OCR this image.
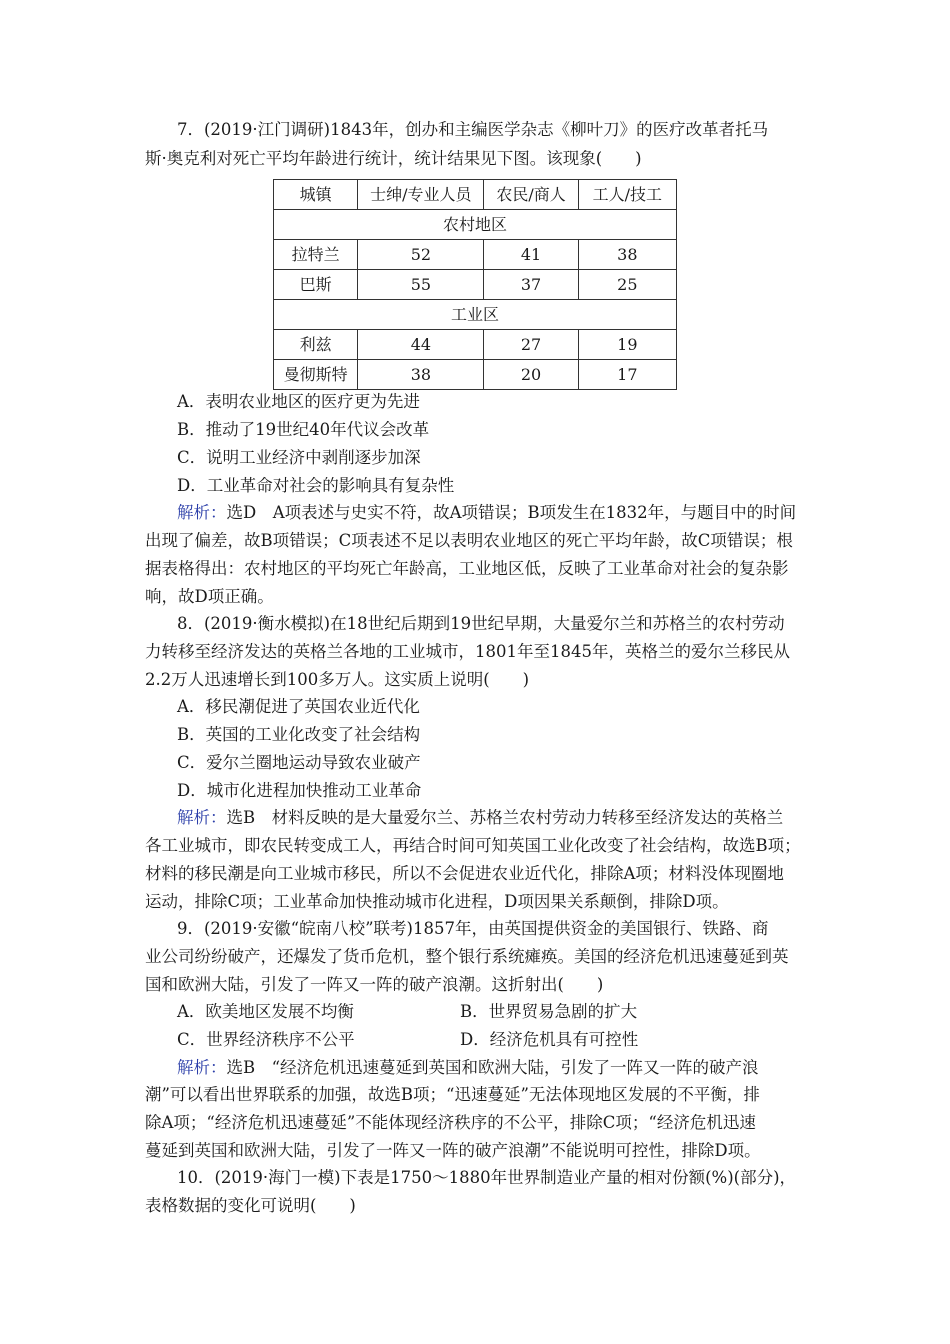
7．(2019·江门调研)1843年，创办和主编医学杂志《柳叶刀》的医疗改革者托马
斯·奥克利对死亡平均年龄进行统计，统计结果见下图。该现象(　　)
城镇	士绅/专业人员	农民/商人	工人/技工
农村地区			
拉特兰	52	41	38
巴斯	55	37	25
工业区			
利兹	44	27	19
曼彻斯特	38	20	17
A．表明农业地区的医疗更为先进
B．推动了19世纪40年代议会改革
C．说明工业经济中剥削逐步加深
D．工业革命对社会的影响具有复杂性
解析：选D　A项表述与史实不符，故A项错误；B项发生在1832年，与题目中的时间
出现了偏差，故B项错误；C项表述不足以表明农业地区的死亡平均年龄，故C项错误；根
据表格得出：农村地区的平均死亡年龄高，工业地区低，反映了工业革命对社会的复杂影
响，故D项正确。
8．(2019·衡水模拟)在18世纪后期到19世纪早期，大量爱尔兰和苏格兰的农村劳动
力转移至经济发达的英格兰各地的工业城市，1801年至1845年，英格兰的爱尔兰移民从
2.2万人迅速增长到100多万人。这实质上说明(　　)
A．移民潮促进了英国农业近代化
B．英国的工业化改变了社会结构
C．爱尔兰圈地运动导致农业破产
D．城市化进程加快推动工业革命
解析：选B　材料反映的是大量爱尔兰、苏格兰农村劳动力转移至经济发达的英格兰
各工业城市，即农民转变成工人，再结合时间可知英国工业化改变了社会结构，故选B项；
材料的移民潮是向工业城市移民，所以不会促进农业近代化，排除A项；材料没体现圈地
运动，排除C项；工业革命加快推动城市化进程，D项因果关系颠倒，排除D项。
9．(2019·安徽“皖南八校”联考)1857年，由英国提供资金的美国银行、铁路、商
业公司纷纷破产，还爆发了货币危机，整个银行系统瘫痪。美国的经济危机迅速蔓延到英
国和欧洲大陆，引发了一阵又一阵的破产浪潮。这折射出(　　)
A．欧美地区发展不均衡	B．世界贸易急剧的扩大
C．世界经济秩序不公平	D．经济危机具有可控性
解析：选B　“经济危机迅速蔓延到英国和欧洲大陆，引发了一阵又一阵的破产浪
潮”可以看出世界联系的加强，故选B项；“迅速蔓延”无法体现地区发展的不平衡，排
除A项；“经济危机迅速蔓延”不能体现经济秩序的不公平，排除C项；“经济危机迅速
蔓延到英国和欧洲大陆，引发了一阵又一阵的破产浪潮”不能说明可控性，排除D项。
10．(2019·海门一模)下表是1750～1880年世界制造业产量的相对份额(%)(部分)，
表格数据的变化可说明(　　)
